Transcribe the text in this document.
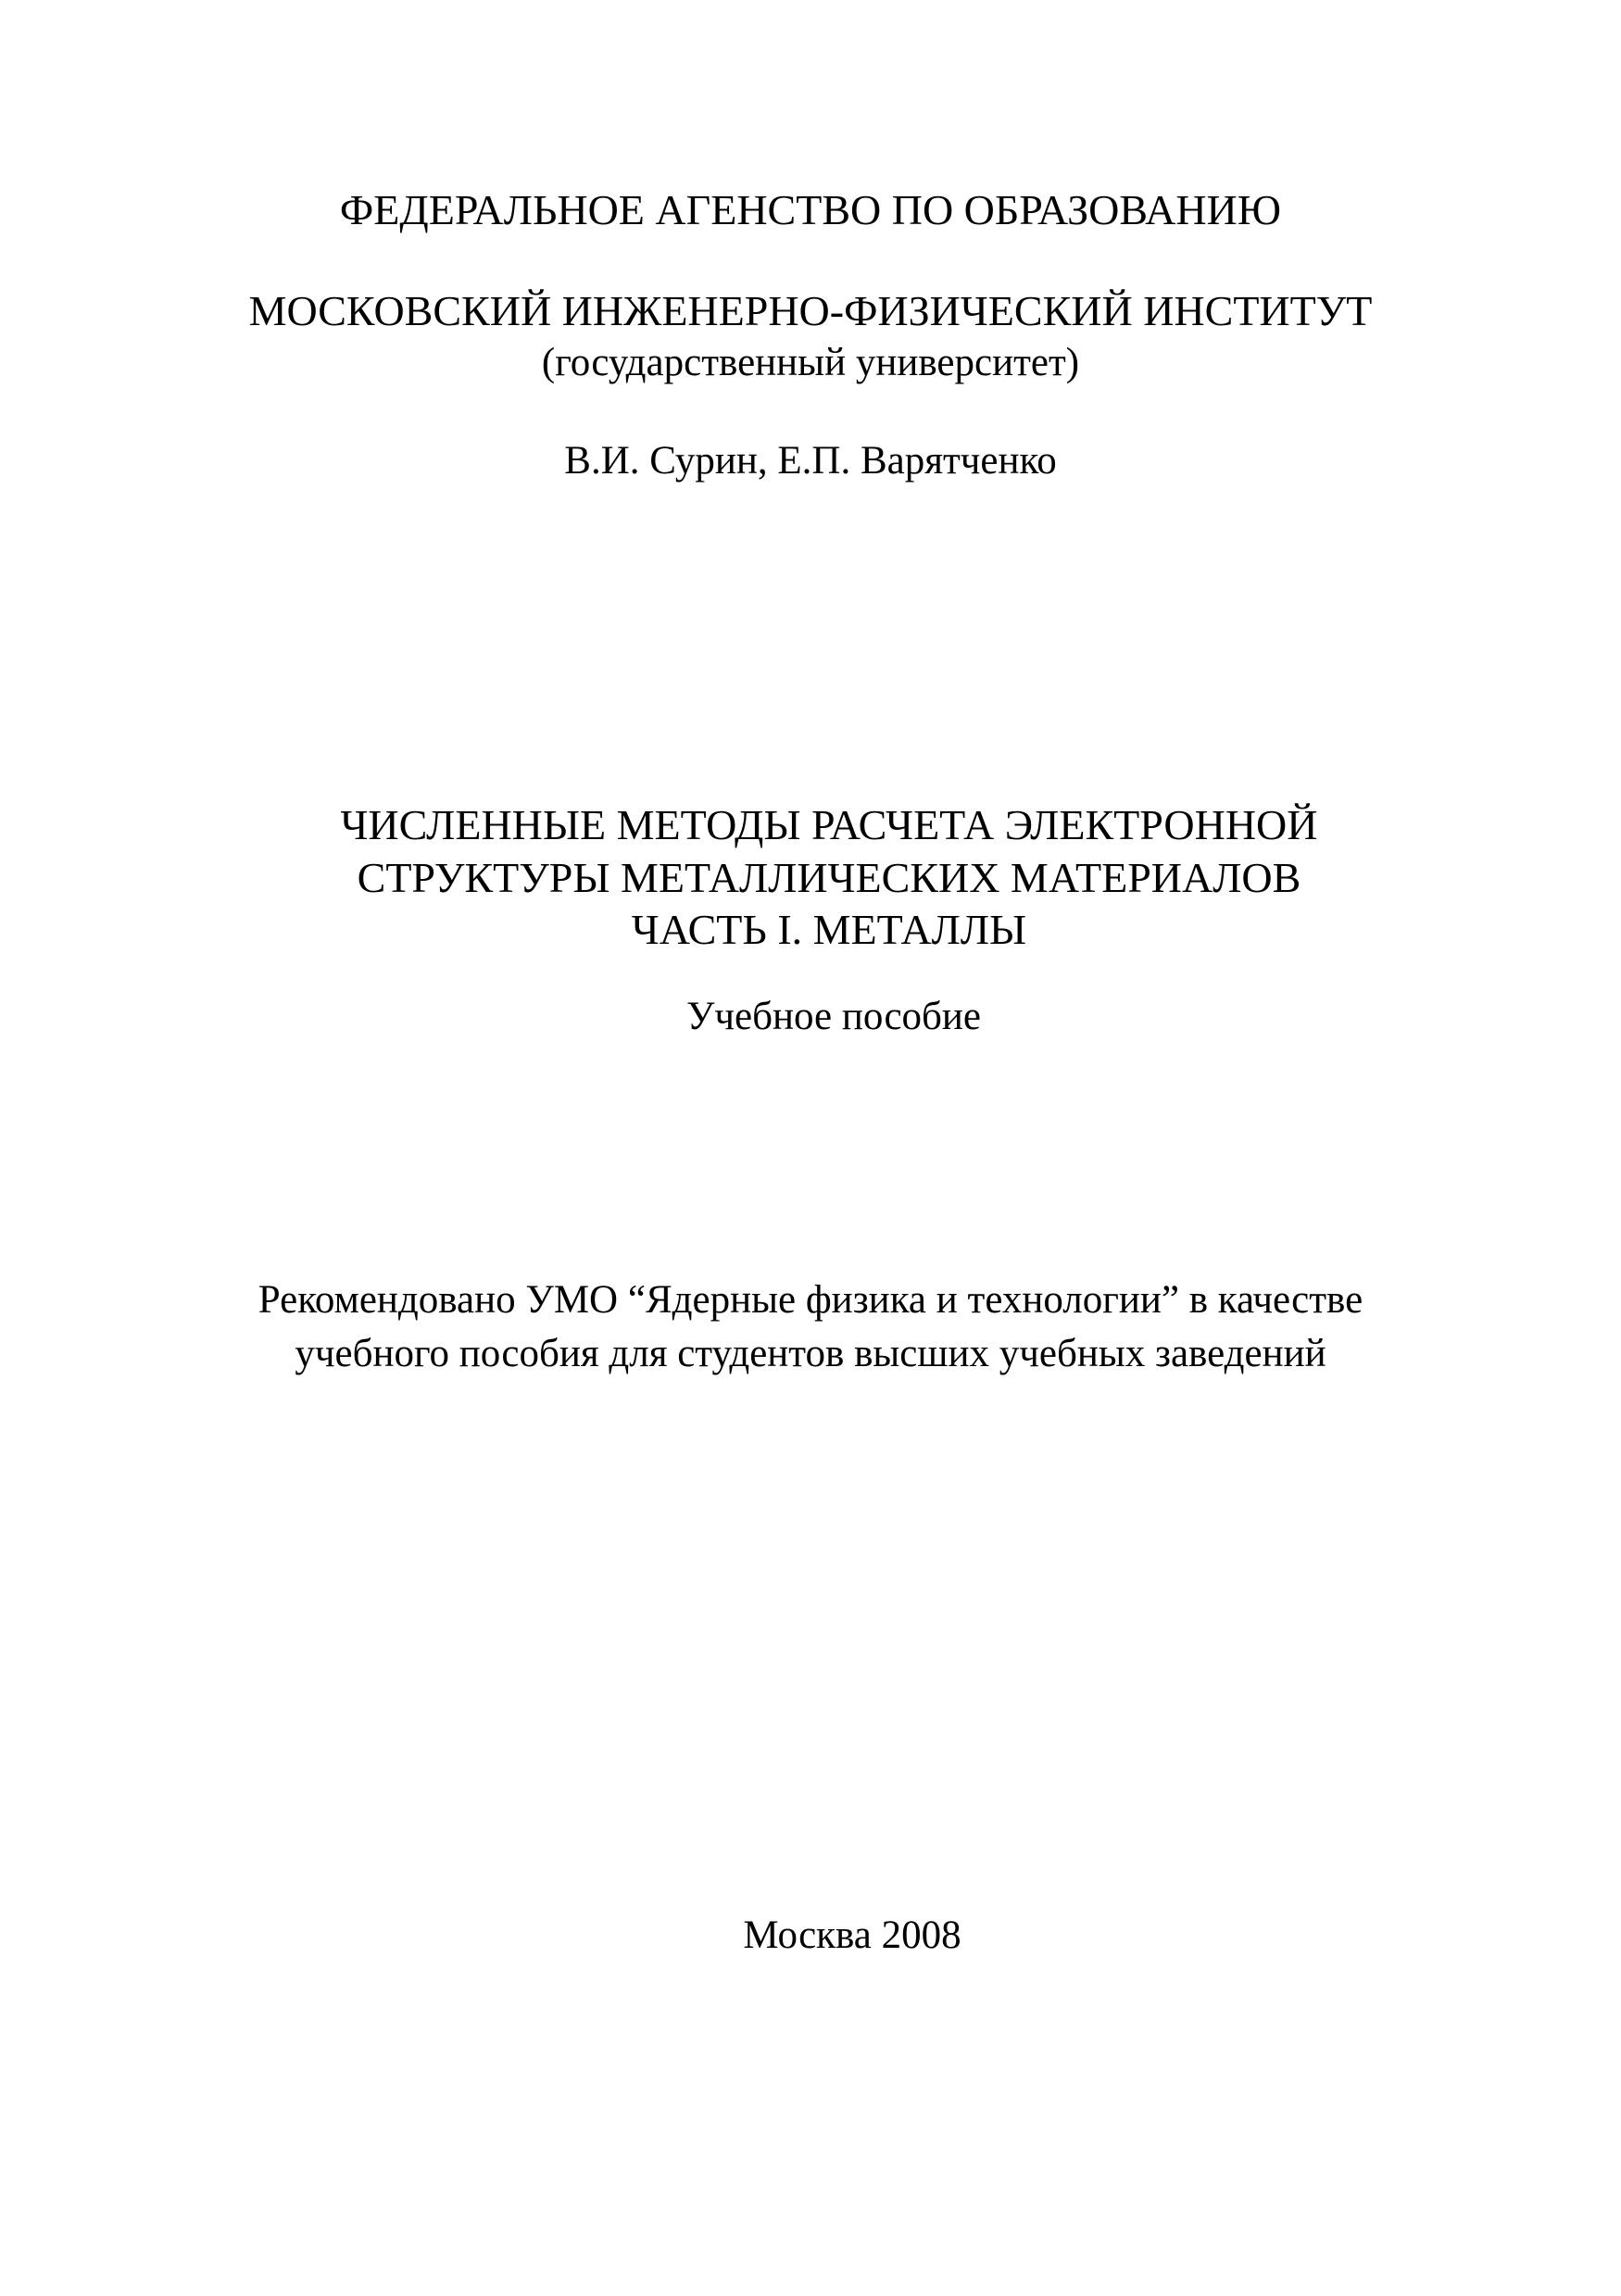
ФЕДЕРАЛЬНОЕ АГЕНСТВО ПО ОБРАЗОВАНИЮ
МОСКОВСКИЙ ИНЖЕНЕРНО-ФИЗИЧЕСКИЙ ИНСТИТУТ
(государственный университет)
В.И. Сурин, Е.П. Варятченко
ЧИСЛЕННЫЕ МЕТОДЫ РАСЧЕТА ЭЛЕКТРОННОЙ
СТРУКТУРЫ МЕТАЛЛИЧЕСКИХ МАТЕРИАЛОВ
ЧАСТЬ I. МЕТАЛЛЫ
Учебное пособие
Рекомендовано УМО “Ядерные физика и технологии” в качестве
учебного пособия для студентов высших учебных заведений
Москва 2008
